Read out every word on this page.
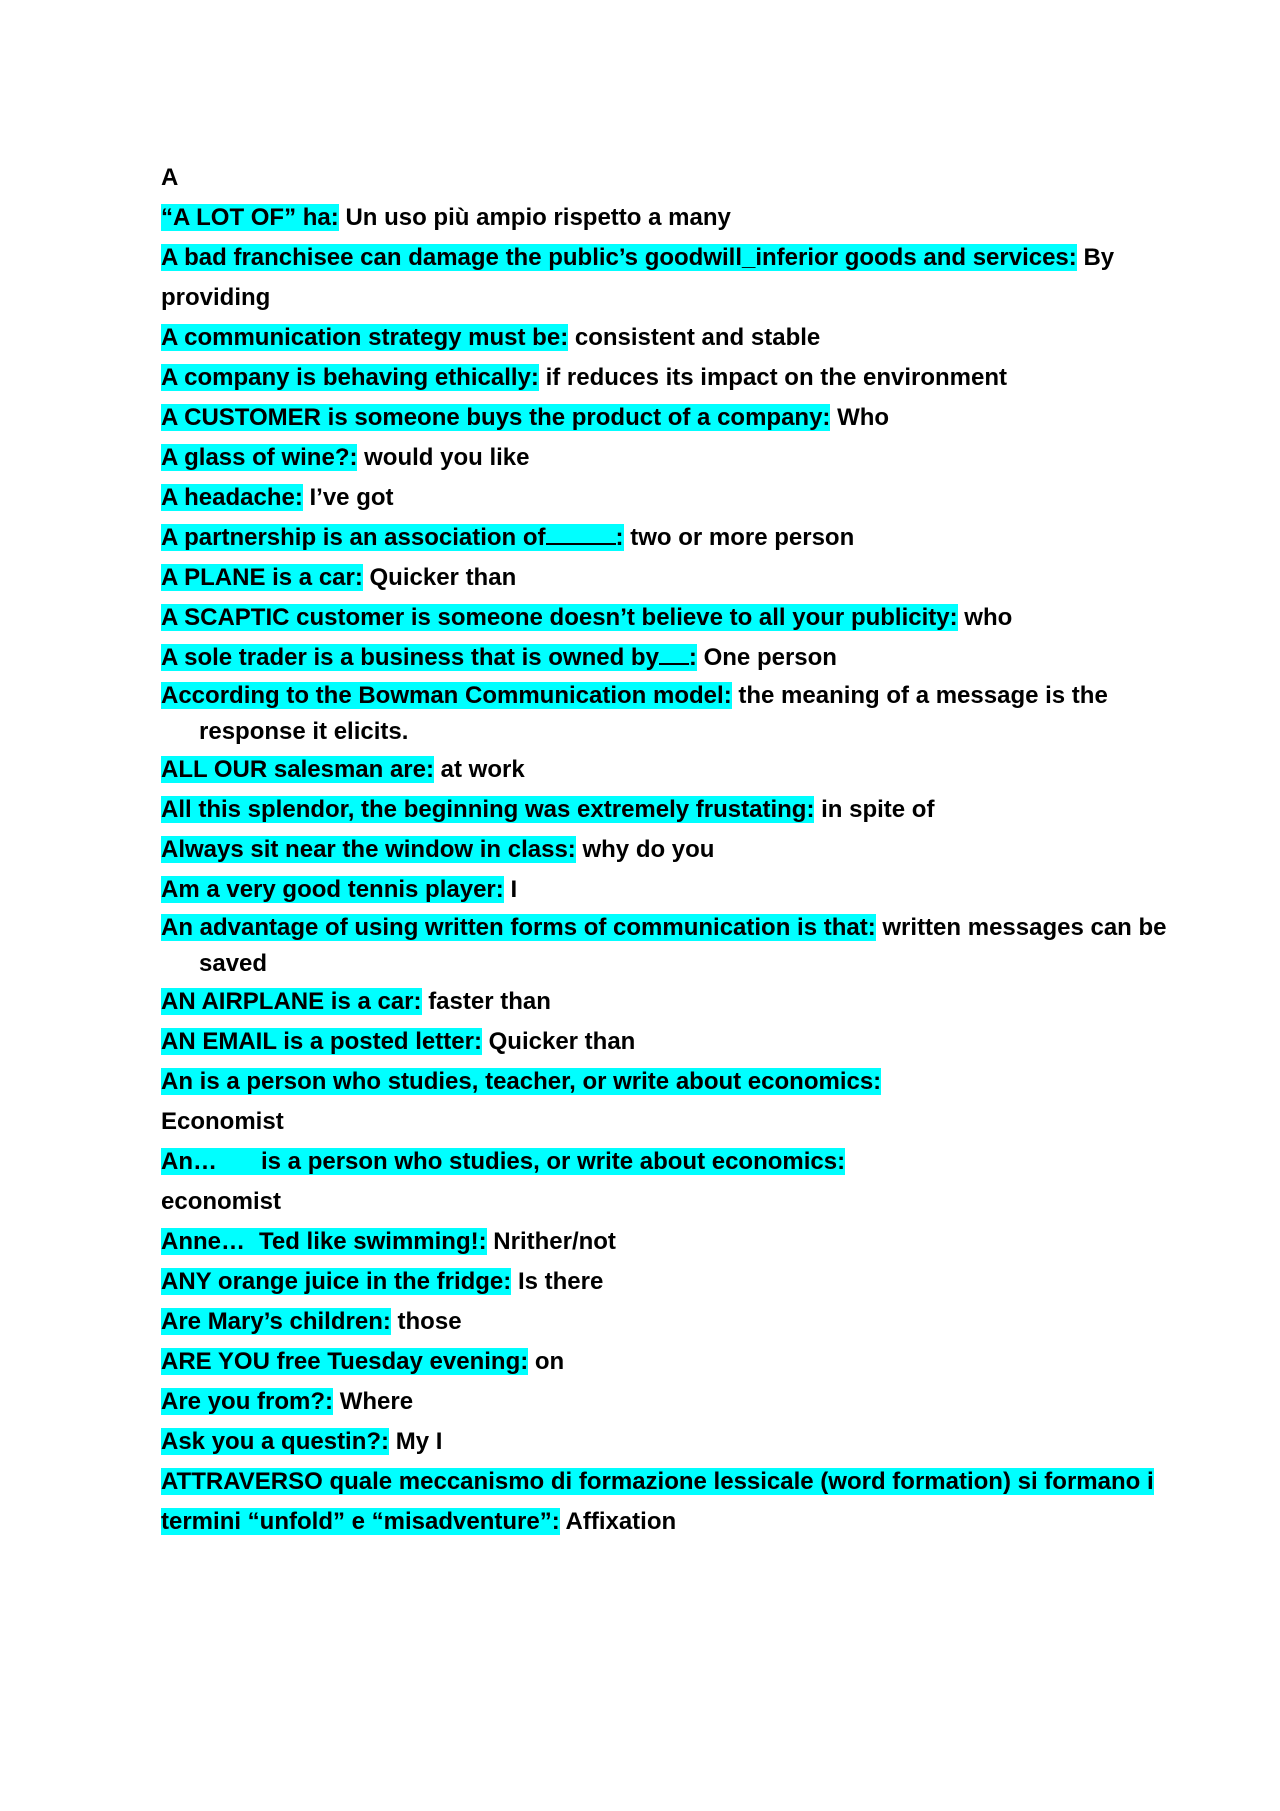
A

“A LOT OF” ha: Un uso più ampio rispetto a many

A bad franchisee can damage the public’s goodwill_inferior goods and services: By providing

A communication strategy must be: consistent and stable

A company is behaving ethically: if reduces its impact on the environment

A CUSTOMER is someone buys the product of a company: Who

A glass of wine?: would you like

A headache: I’ve got

A partnership is an association of	: two or more person

A PLANE is a car: Quicker than

A SCAPTIC customer is someone doesn’t believe to all your publicity: who

A sole trader is a business that is owned by : One person

According to the Bowman Communication model: the meaning of a message is the response it elicits.

ALL OUR salesman are: at work

All this splendor, the beginning was extremely frustating: in spite of

Always sit near the window in class: why do you

Am a very good tennis player: I

An advantage of using written forms of communication is that: written messages can be saved

AN AIRPLANE is a car: faster than

AN EMAIL is a posted letter: Quicker than

An is a person who studies, teacher, or write about economics:
Economist

An… is a person who studies, or write about economics:
economist

Anne… Ted like swimming!: Nrither/not

ANY orange juice in the fridge: Is there

Are Mary’s children: those

ARE YOU free Tuesday evening: on

Are you from?: Where

Ask you a questin?: My I

ATTRAVERSO quale meccanismo di formazione lessicale (word formation) si formano i termini “unfold” e “misadventure”: Affixation
